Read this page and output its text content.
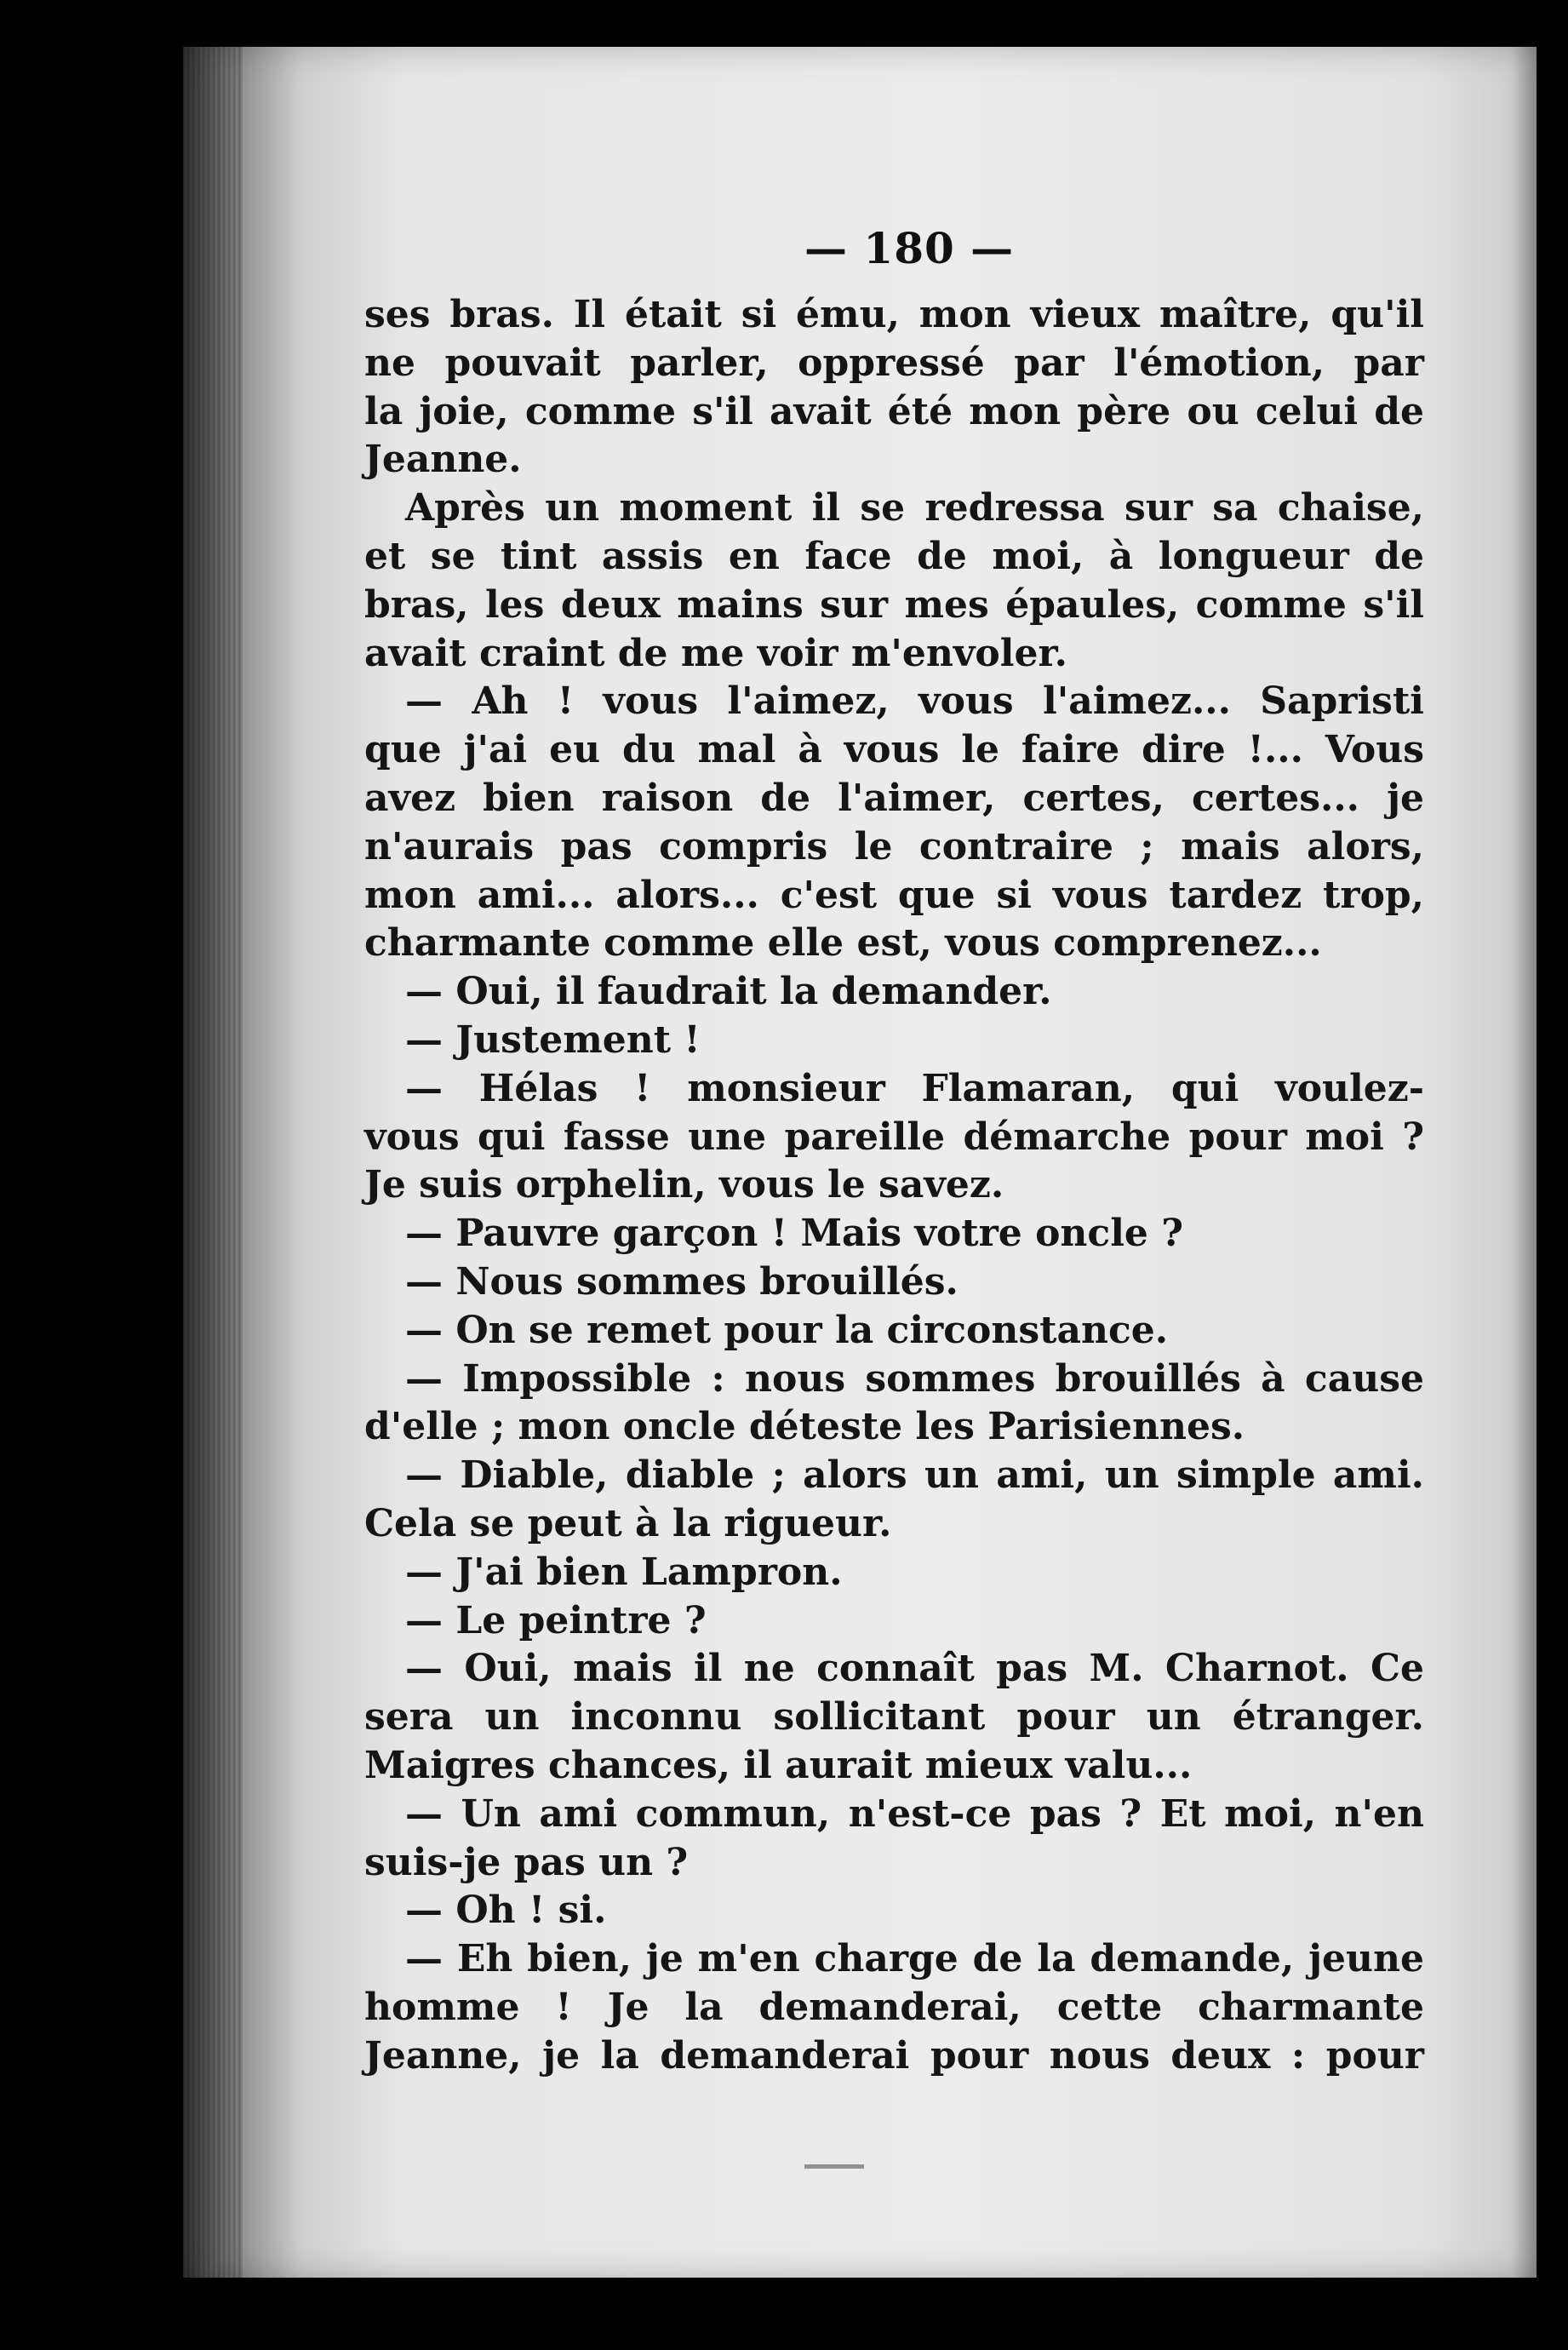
— 180 —
ses bras. Il était si ému, mon vieux maître, qu'il
ne pouvait parler, oppressé par l'émotion, par
la joie, comme s'il avait été mon père ou celui de
Jeanne.
Après un moment il se redressa sur sa chaise,
et se tint assis en face de moi, à longueur de
bras, les deux mains sur mes épaules, comme s'il
avait craint de me voir m'envoler.
— Ah ! vous l'aimez, vous l'aimez... Sapristi
que j'ai eu du mal à vous le faire dire !... Vous
avez bien raison de l'aimer, certes, certes... je
n'aurais pas compris le contraire ; mais alors,
mon ami... alors... c'est que si vous tardez trop,
charmante comme elle est, vous comprenez...
— Oui, il faudrait la demander.
— Justement !
— Hélas ! monsieur Flamaran, qui voulez-
vous qui fasse une pareille démarche pour moi ?
Je suis orphelin, vous le savez.
— Pauvre garçon ! Mais votre oncle ?
— Nous sommes brouillés.
— On se remet pour la circonstance.
— Impossible : nous sommes brouillés à cause
d'elle ; mon oncle déteste les Parisiennes.
— Diable, diable ; alors un ami, un simple ami.
Cela se peut à la rigueur.
— J'ai bien Lampron.
— Le peintre ?
— Oui, mais il ne connaît pas M. Charnot. Ce
sera un inconnu sollicitant pour un étranger.
Maigres chances, il aurait mieux valu...
— Un ami commun, n'est-ce pas ? Et moi, n'en
suis-je pas un ?
— Oh ! si.
— Eh bien, je m'en charge de la demande, jeune
homme ! Je la demanderai, cette charmante
Jeanne, je la demanderai pour nous deux : pour
